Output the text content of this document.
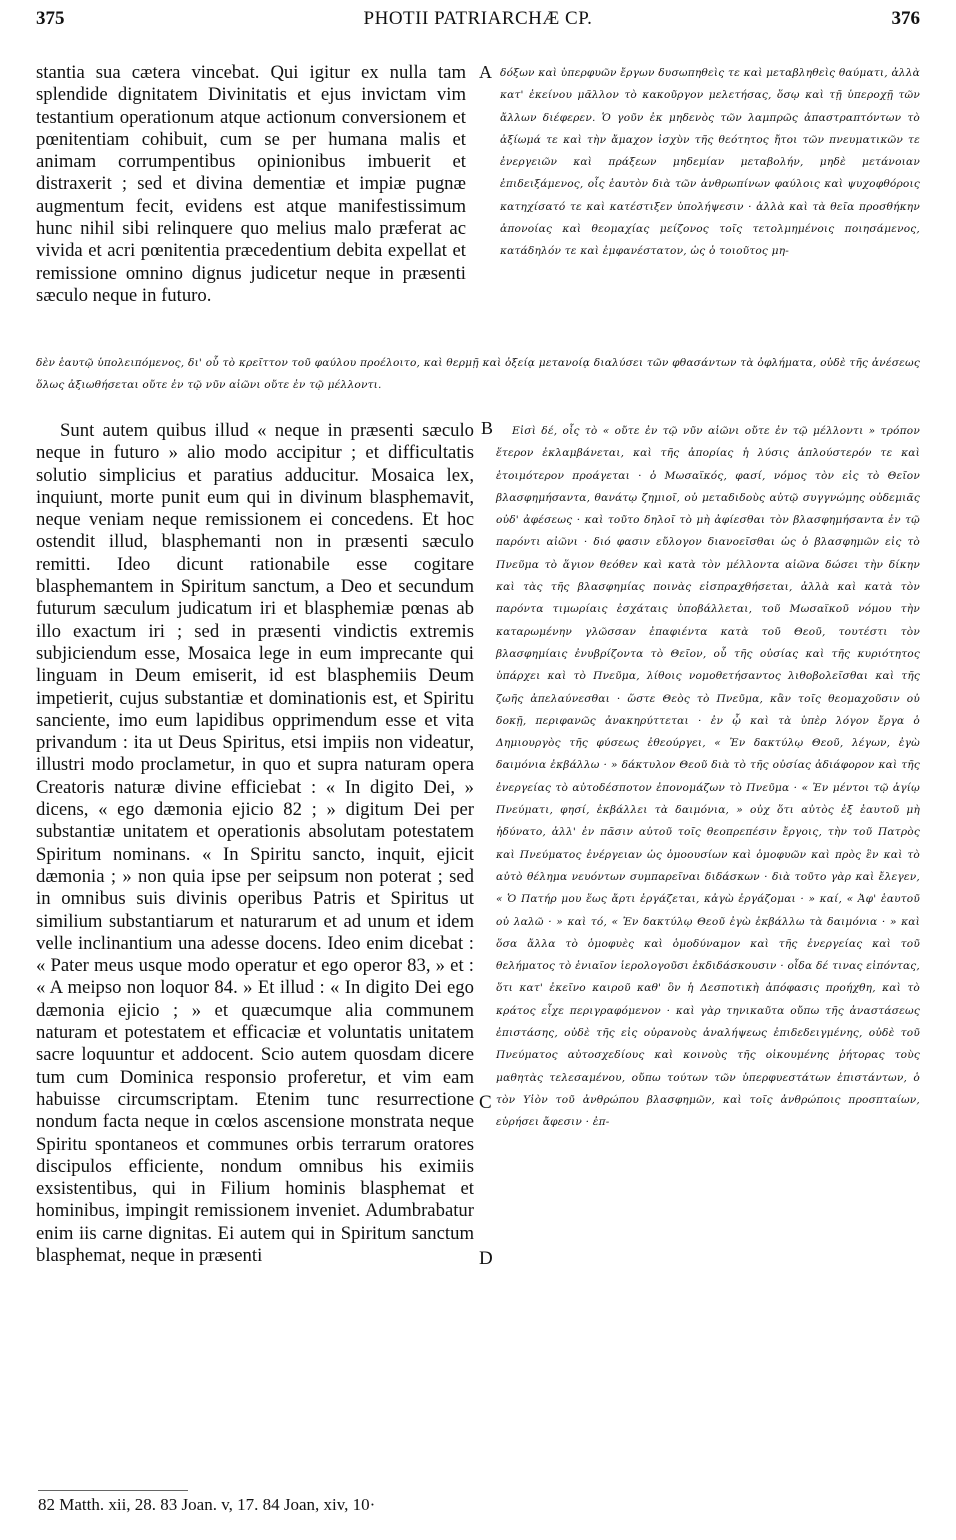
375	PHOTII PATRIARCHÆ CP.	376

stantia sua cætera vincebat. Qui igitur ex nulla tam splendide dignitatem Divinitatis et ejus invictam vim testantium operationum atque actionum conversionem et pœnitentiam cohibuit, cum se per humana malis et animam corrumpentibus opinionibus imbuerit et distraxerit ; sed et divina dementiæ et impiæ pugnæ augmentum fecit, evidens est atque manifestissimum hunc nihil sibi relinquere quo melius malo præferat ac vivida et acri pœnitentia præcedentium debita expellat et remissione omnino dignus judicetur neque in præsenti sæculo neque in futuro.

A δόξων καὶ ὑπερφυῶν ἔργων δυσωπηθεὶς τε καὶ μεταβληθεὶς θαύματι, ἀλλὰ κατ' ἐκείνου μᾶλλον τὸ κακοῦργον μελετήσας, ὅσῳ καὶ τῇ ὑπεροχῇ τῶν ἄλλων διέφερεν. Ὁ γοῦν ἐκ μηδενὸς τῶν λαμπρῶς ἀπαστραπτόντων τὸ ἀξίωμά τε καὶ τὴν ἄμαχον ἰσχὺν τῆς θεότητος ἤτοι τῶν πνευματικῶν τε ἐνεργειῶν καὶ πράξεων μηδεμίαν μεταβολήν, μηδὲ μετάνοιαν ἐπιδειξάμενος, οἷς ἑαυτὸν διὰ τῶν ἀνθρωπίνων φαύλοις καὶ ψυχοφθόροις κατηχίσατό τε καὶ κατέστιξεν ὑπολήψεσιν · ἀλλὰ καὶ τὰ θεῖα προσθήκην ἀπονοίας καὶ θεομαχίας μείζονος τοῖς τετολμημένοις ποιησάμενος, κατάδηλόν τε καὶ ἐμφανέστατον, ὡς ὁ τοιοῦτος μη-

δὲν ἑαυτῷ ὑπολειπόμενος, δι' οὗ τὸ κρεῖττον τοῦ φαύλου προέλοιτο, καὶ θερμῇ καὶ ὀξείᾳ μετανοίᾳ διαλύσει τῶν φθασάντων τὰ ὀφλήματα, οὐδὲ τῆς ἀνέσεως ὅλως ἀξιωθήσεται οὔτε ἐν τῷ νῦν αἰῶνι οὔτε ἐν τῷ μέλλοντι.

Sunt autem quibus illud « neque in præsenti sæculo neque in futuro » alio modo accipitur ; et difficultatis solutio simplicius et paratius adducitur. Mosaica lex, inquiunt, morte punit eum qui in divinum blasphemavit, neque veniam neque remissionem ei concedens. Et hoc ostendit illud, blasphemanti non in præsenti sæculo remitti. Ideo dicunt rationabile esse cogitare blasphemantem in Spiritum sanctum, a Deo et secundum futurum sæculum judicatum iri et blasphemiæ pœnas ab illo exactum iri ; sed in præsenti vindictis extremis subjiciendum esse, Mosaica lege in eum imprecante qui linguam in Deum emiserit, id est blasphemiis Deum impetierit, cujus substantiæ et dominationis est, et Spiritu sanciente, imo eum lapidibus opprimendum esse et vita privandum : ita ut Deus Spiritus, etsi impiis non videatur, illustri modo proclametur, in quo et supra naturam opera Creatoris naturæ divine efficiebat : « In digito Dei, » dicens, « ego dæmonia ejicio 82 ; » digitum Dei per substantiæ unitatem et operationis absolutam potestatem Spiritum nominans. « In Spiritu sancto, inquit, ejicit dæmonia ; » non quia ipse per seipsum non poterat ; sed in omnibus suis divinis operibus Patris et Spiritus ut similium substantiarum et naturarum et ad unum et idem velle inclinantium una adesse docens. Ideo enim dicebat : « Pater meus usque modo operatur et ego operor 83, » et : « A meipso non loquor 84. » Et illud : « In digito Dei ego dæmonia ejicio ; » et quæcumque alia communem naturam et potestatem et efficaciæ et voluntatis unitatem sacre loquuntur et addocent. Scio autem quosdam dicere tum cum Dominica responsio proferetur, et vim eam habuisse circumscriptam. Etenim tunc resurrectione nondum facta neque in cœlos ascensione monstrata neque Spiritu spontaneos et communes orbis terrarum oratores discipulos efficiente, nondum omnibus his eximiis exsistentibus, qui in Filium hominis blasphemat et hominibus, impingit remissionem inveniet. Adumbrabatur enim iis carne dignitas. Ei autem qui in Spiritum sanctum blasphemat, neque in præsenti

B
C
D

Εἰσὶ δέ, οἷς τὸ « οὔτε ἐν τῷ νῦν αἰῶνι οὔτε ἐν τῷ μέλλοντι » τρόπον ἕτερον ἐκλαμβάνεται, καὶ τῆς ἀπορίας ἡ λύσις ἁπλούστερόν τε καὶ ἑτοιμότερον προάγεται · ὁ Μωσαϊκός, φασί, νόμος τὸν εἰς τὸ Θεῖον βλασφημήσαντα, θανάτῳ ζημιοῖ, οὐ μεταδιδοὺς αὐτῷ συγγνώμης οὐδεμιᾶς οὐδ' ἀφέσεως · καὶ τοῦτο δηλοῖ τὸ μὴ ἀφίεσθαι τὸν βλασφημήσαντα ἐν τῷ παρόντι αἰῶνι · διό φασιν εὔλογον διανοεῖσθαι ὡς ὁ βλασφημῶν εἰς τὸ Πνεῦμα τὸ ἅγιον θεόθεν καὶ κατὰ τὸν μέλλοντα αἰῶνα δώσει τὴν δίκην καὶ τὰς τῆς βλασφημίας ποινὰς εἰσπραχθήσεται, ἀλλὰ καὶ κατὰ τὸν παρόντα τιμωρίαις ἐσχάταις ὑποβάλλεται, τοῦ Μωσαϊκοῦ νόμου τὴν καταρωμένην γλῶσσαν ἐπαφιέντα κατὰ τοῦ Θεοῦ, τουτέστι τὸν βλασφημίαις ἐνυβρίζοντα τὸ Θεῖον, οὗ τῆς οὐσίας καὶ τῆς κυριότητος ὑπάρχει καὶ τὸ Πνεῦμα, λίθοις νομοθετήσαντος λιθοβολεῖσθαι καὶ τῆς ζωῆς ἀπελαύνεσθαι · ὥστε Θεὸς τὸ Πνεῦμα, κἂν τοῖς θεομαχοῦσιν οὐ δοκῇ, περιφανῶς ἀνακηρύττεται · ἐν ᾧ καὶ τὰ ὑπὲρ λόγον ἔργα ὁ Δημιουργὸς τῆς φύσεως ἐθεούργει, « Ἐν δακτύλῳ Θεοῦ, λέγων, ἐγὼ δαιμόνια ἐκβάλλω · » δάκτυλον Θεοῦ διὰ τὸ τῆς οὐσίας ἀδιάφορον καὶ τῆς ἐνεργείας τὸ αὐτοδέσποτον ἐπονομάζων τὸ Πνεῦμα · « Ἐν μέντοι τῷ ἁγίῳ Πνεύματι, φησί, ἐκβάλλει τὰ δαιμόνια, » οὐχ ὅτι αὐτὸς ἐξ ἑαυτοῦ μὴ ἠδύνατο, ἀλλ' ἐν πᾶσιν αὐτοῦ τοῖς θεοπρεπέσιν ἔργοις, τὴν τοῦ Πατρὸς καὶ Πνεύματος ἐνέργειαν ὡς ὁμοουσίων καὶ ὁμοφυῶν καὶ πρὸς ἓν καὶ τὸ αὐτὸ θέλημα νευόντων συμπαρεῖναι διδάσκων · διὰ τοῦτο γὰρ καὶ ἔλεγεν, « Ὁ Πατήρ μου ἕως ἄρτι ἐργάζεται, κἀγὼ ἐργάζομαι · » καί, « Ἀφ' ἑαυτοῦ οὐ λαλῶ · » καὶ τό, « Ἐν δακτύλῳ Θεοῦ ἐγὼ ἐκβάλλω τὰ δαιμόνια · » καὶ ὅσα ἄλλα τὸ ὁμοφυὲς καὶ ὁμοδύναμον καὶ τῆς ἐνεργείας καὶ τοῦ θελήματος τὸ ἑνιαῖον ἱερολογοῦσι ἐκδιδάσκουσιν · οἶδα δέ τινας εἰπόντας, ὅτι κατ' ἐκεῖνο καιροῦ καθ' ὃν ἡ Δεσποτικὴ ἀπόφασις προήχθη, καὶ τὸ κράτος εἶχε περιγραφόμενον · καὶ γὰρ τηνικαῦτα οὔπω τῆς ἀναστάσεως ἐπιστάσης, οὐδὲ τῆς εἰς οὐρανοὺς ἀναλήψεως ἐπιδεδειγμένης, οὐδὲ τοῦ Πνεύματος αὐτοσχεδίους καὶ κοινοὺς τῆς οἰκουμένης ῥήτορας τοὺς μαθητὰς τελεσαμένου, οὔπω τούτων τῶν ὑπερφυεστάτων ἐπιστάντων, ὁ τὸν Υἱὸν τοῦ ἀνθρώπου βλασφημῶν, καὶ τοῖς ἀνθρώποις προσπταίων, εὑρήσει ἄφεσιν · ἐπ-

82 Matth. xii, 28. 83 Joan. v, 17. 84 Joan, xiv, 10·
